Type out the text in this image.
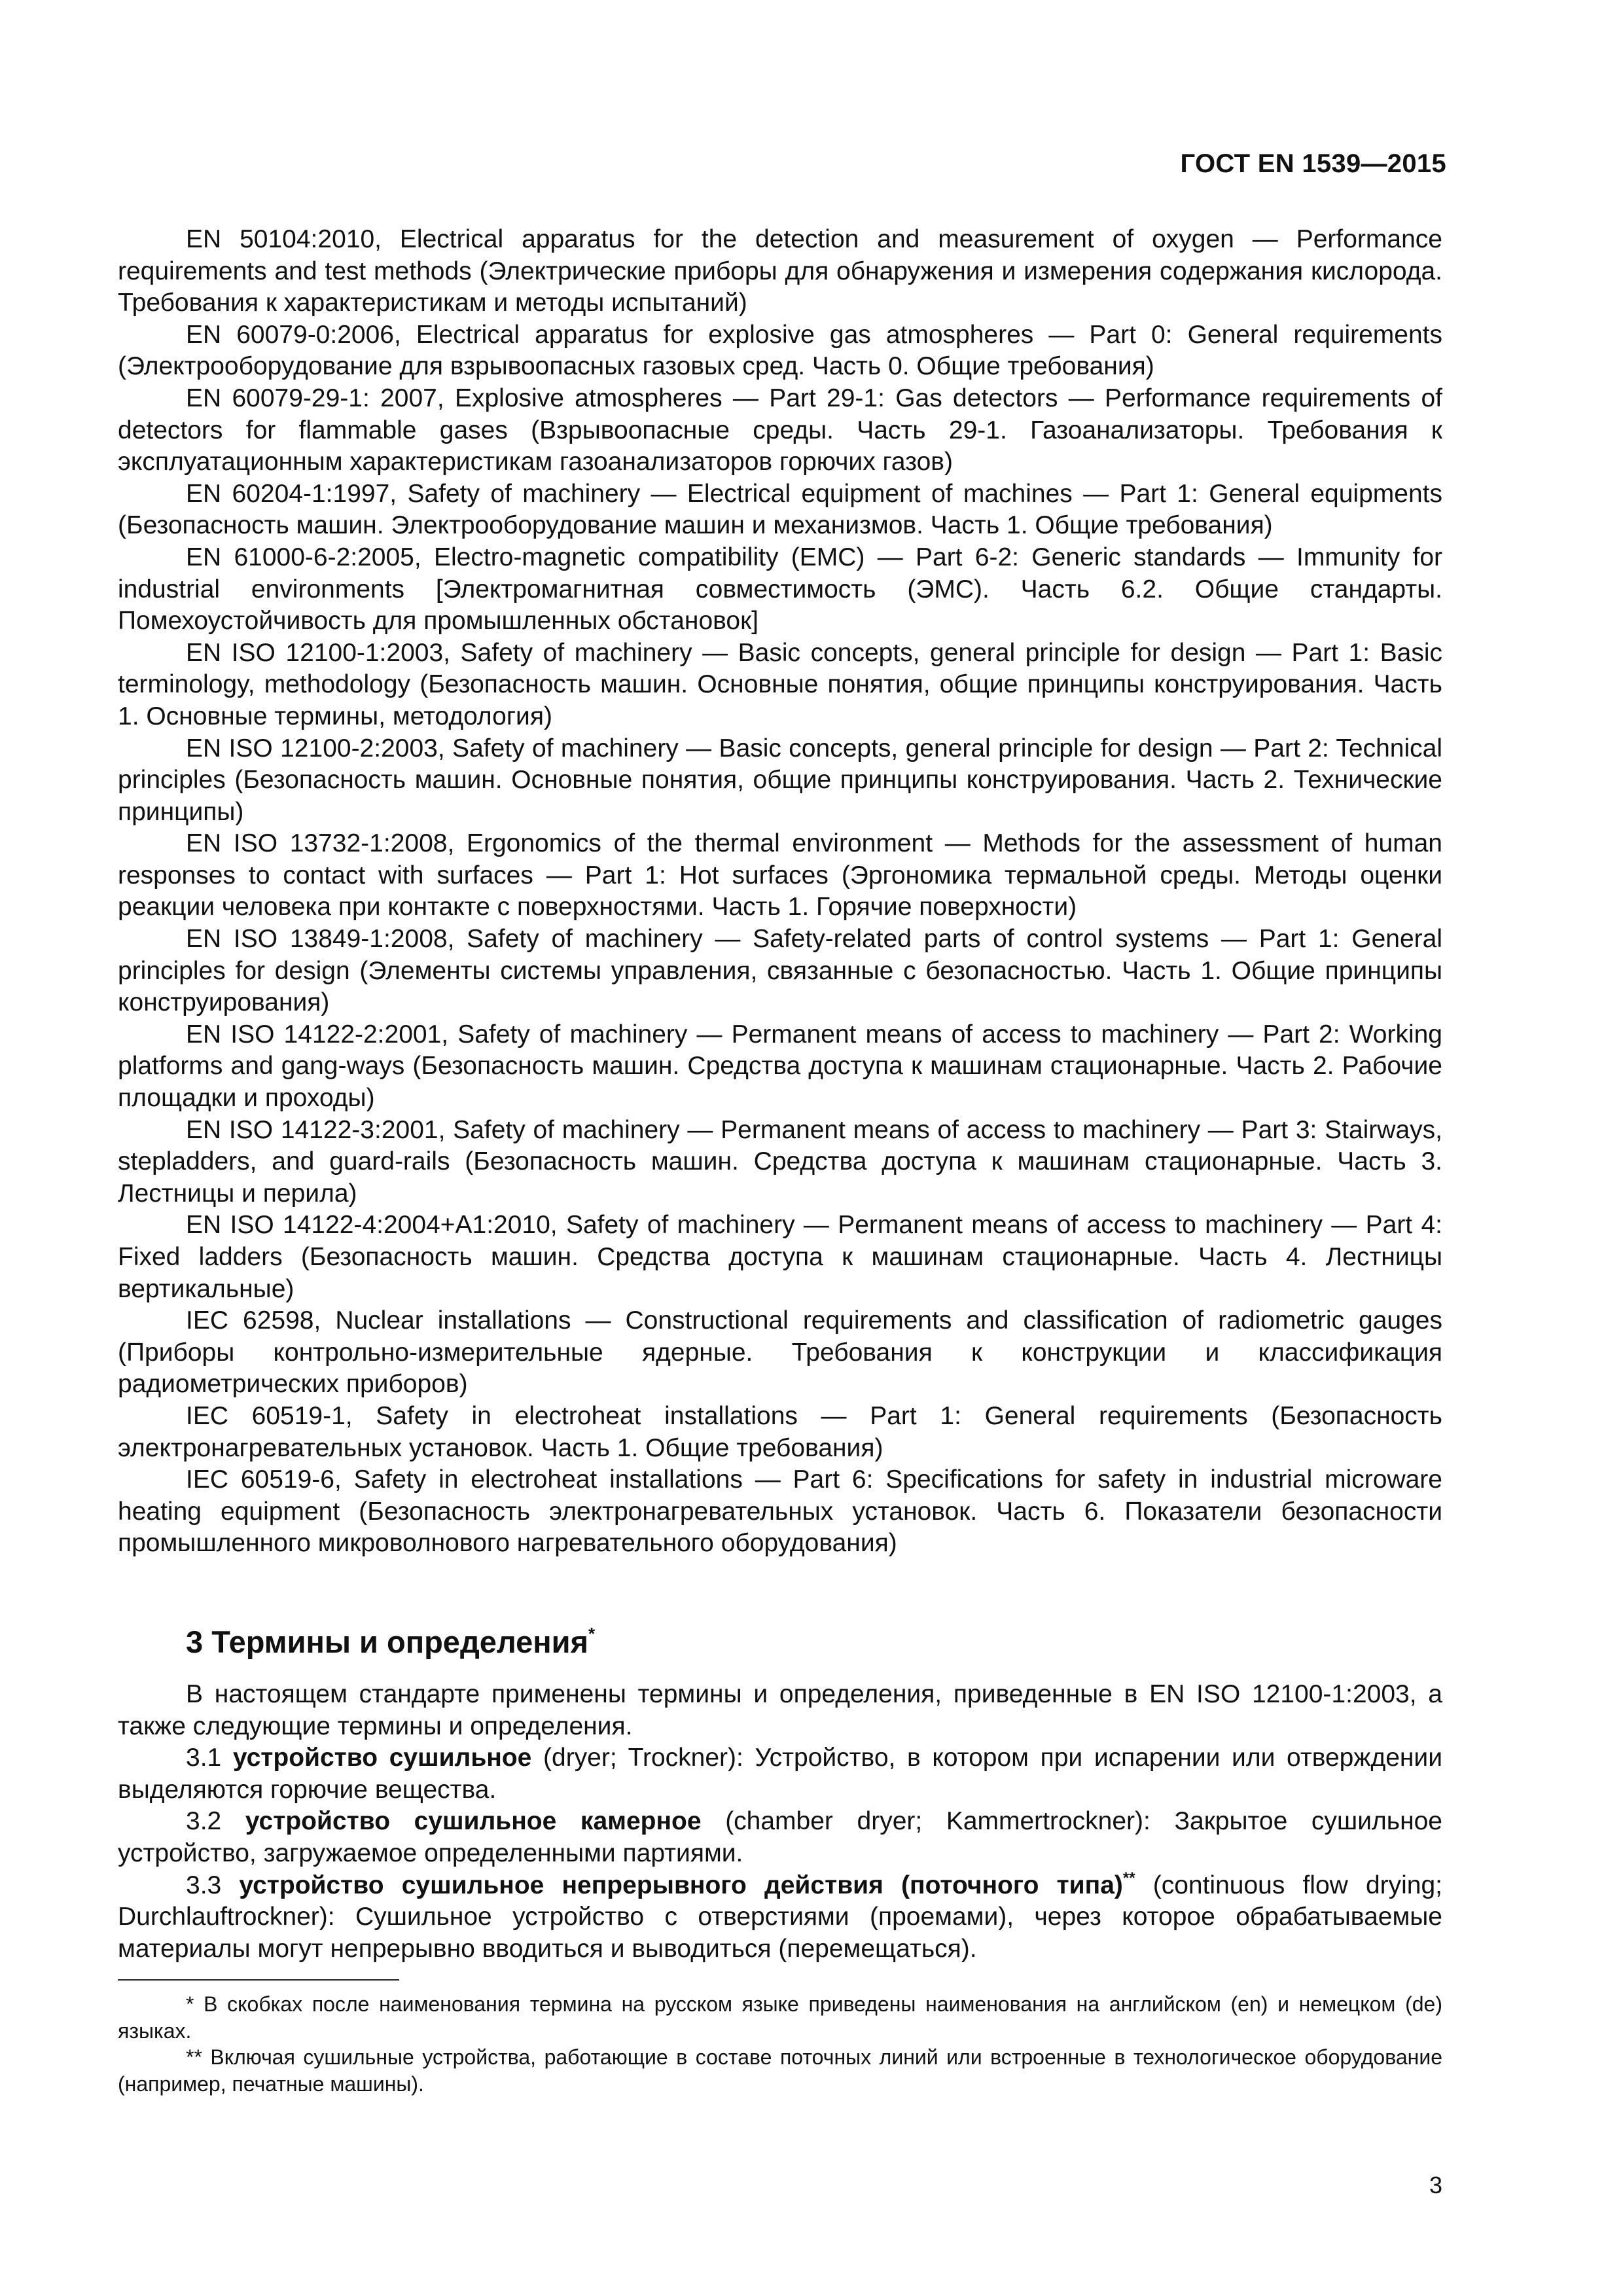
ГОСТ EN 1539—2015

EN 50104:2010, Electrical apparatus for the detection and measurement of oxygen — Performance requirements and test methods (Электрические приборы для обнаружения и измерения содержания кислорода. Требования к характеристикам и методы испытаний)

EN 60079-0:2006, Electrical apparatus for explosive gas atmospheres — Part 0: General requirements (Электрооборудование для взрывоопасных газовых сред. Часть 0. Общие требования)

EN 60079-29-1: 2007, Explosive atmospheres — Part 29-1: Gas detectors — Performance requirements of detectors for flammable gases (Взрывоопасные среды. Часть 29-1. Газоанализаторы. Требования к эксплуатационным характеристикам газоанализаторов горючих газов)

EN 60204-1:1997, Safety of machinery — Electrical equipment of machines — Part 1: General equipments (Безопасность машин. Электрооборудование машин и механизмов. Часть 1. Общие требования)

EN 61000-6-2:2005, Electro-magnetic compatibility (EMC) — Part 6-2: Generic standards — Immunity for industrial environments [Электромагнитная совместимость (ЭМС). Часть 6.2. Общие стандарты. Помехоустойчивость для промышленных обстановок]

EN ISO 12100-1:2003, Safety of machinery — Basic concepts, general principle for design — Part 1: Basic terminology, methodology (Безопасность машин. Основные понятия, общие принципы конструирования. Часть 1. Основные термины, методология)

EN ISO 12100-2:2003, Safety of machinery — Basic concepts, general principle for design — Part 2: Technical principles (Безопасность машин. Основные понятия, общие принципы конструирования. Часть 2. Технические принципы)

EN ISO 13732-1:2008, Ergonomics of the thermal environment — Methods for the assessment of human responses to contact with surfaces — Part 1: Hot surfaces (Эргономика термальной среды. Методы оценки реакции человека при контакте с поверхностями. Часть 1. Горячие поверхности)

EN ISO 13849-1:2008, Safety of machinery — Safety-related parts of control systems — Part 1: General principles for design (Элементы системы управления, связанные с безопасностью. Часть 1. Общие принципы конструирования)

EN ISO 14122-2:2001, Safety of machinery — Permanent means of access to machinery — Part 2: Working platforms and gang-ways (Безопасность машин. Средства доступа к машинам стационарные. Часть 2. Рабочие площадки и проходы)

EN ISO 14122-3:2001, Safety of machinery — Permanent means of access to machinery — Part 3: Stairways, stepladders, and guard-rails (Безопасность машин. Средства доступа к машинам стационарные. Часть 3. Лестницы и перила)

EN ISO 14122-4:2004+A1:2010, Safety of machinery — Permanent means of access to machinery — Part 4: Fixed ladders (Безопасность машин. Средства доступа к машинам стационарные. Часть 4. Лестницы вертикальные)

IEC 62598, Nuclear installations — Constructional requirements and classification of radiometric gauges (Приборы контрольно-измерительные ядерные. Требования к конструкции и классификация радиометрических приборов)

IEC 60519-1, Safety in electroheat installations — Part 1: General requirements (Безопасность электронагревательных установок. Часть 1. Общие требования)

IEC 60519-6, Safety in electroheat installations — Part 6: Specifications for safety in industrial microware heating equipment (Безопасность электронагревательных установок. Часть 6. Показатели безопасности промышленного микроволнового нагревательного оборудования)

3 Термины и определения*

В настоящем стандарте применены термины и определения, приведенные в EN ISO 12100-1:2003, а также следующие термины и определения.

3.1 устройство сушильное (dryer; Trockner): Устройство, в котором при испарении или отверждении выделяются горючие вещества.

3.2 устройство сушильное камерное (chamber dryer; Kammertrockner): Закрытое сушильное устройство, загружаемое определенными партиями.

3.3 устройство сушильное непрерывного действия (поточного типа)** (continuous flow drying; Durchlauftrockner): Сушильное устройство с отверстиями (проемами), через которое обрабатываемые материалы могут непрерывно вводиться и выводиться (перемещаться).

* В скобках после наименования термина на русском языке приведены наименования на английском (en) и немецком (de) языках.

** Включая сушильные устройства, работающие в составе поточных линий или встроенные в технологическое оборудование (например, печатные машины).

3
